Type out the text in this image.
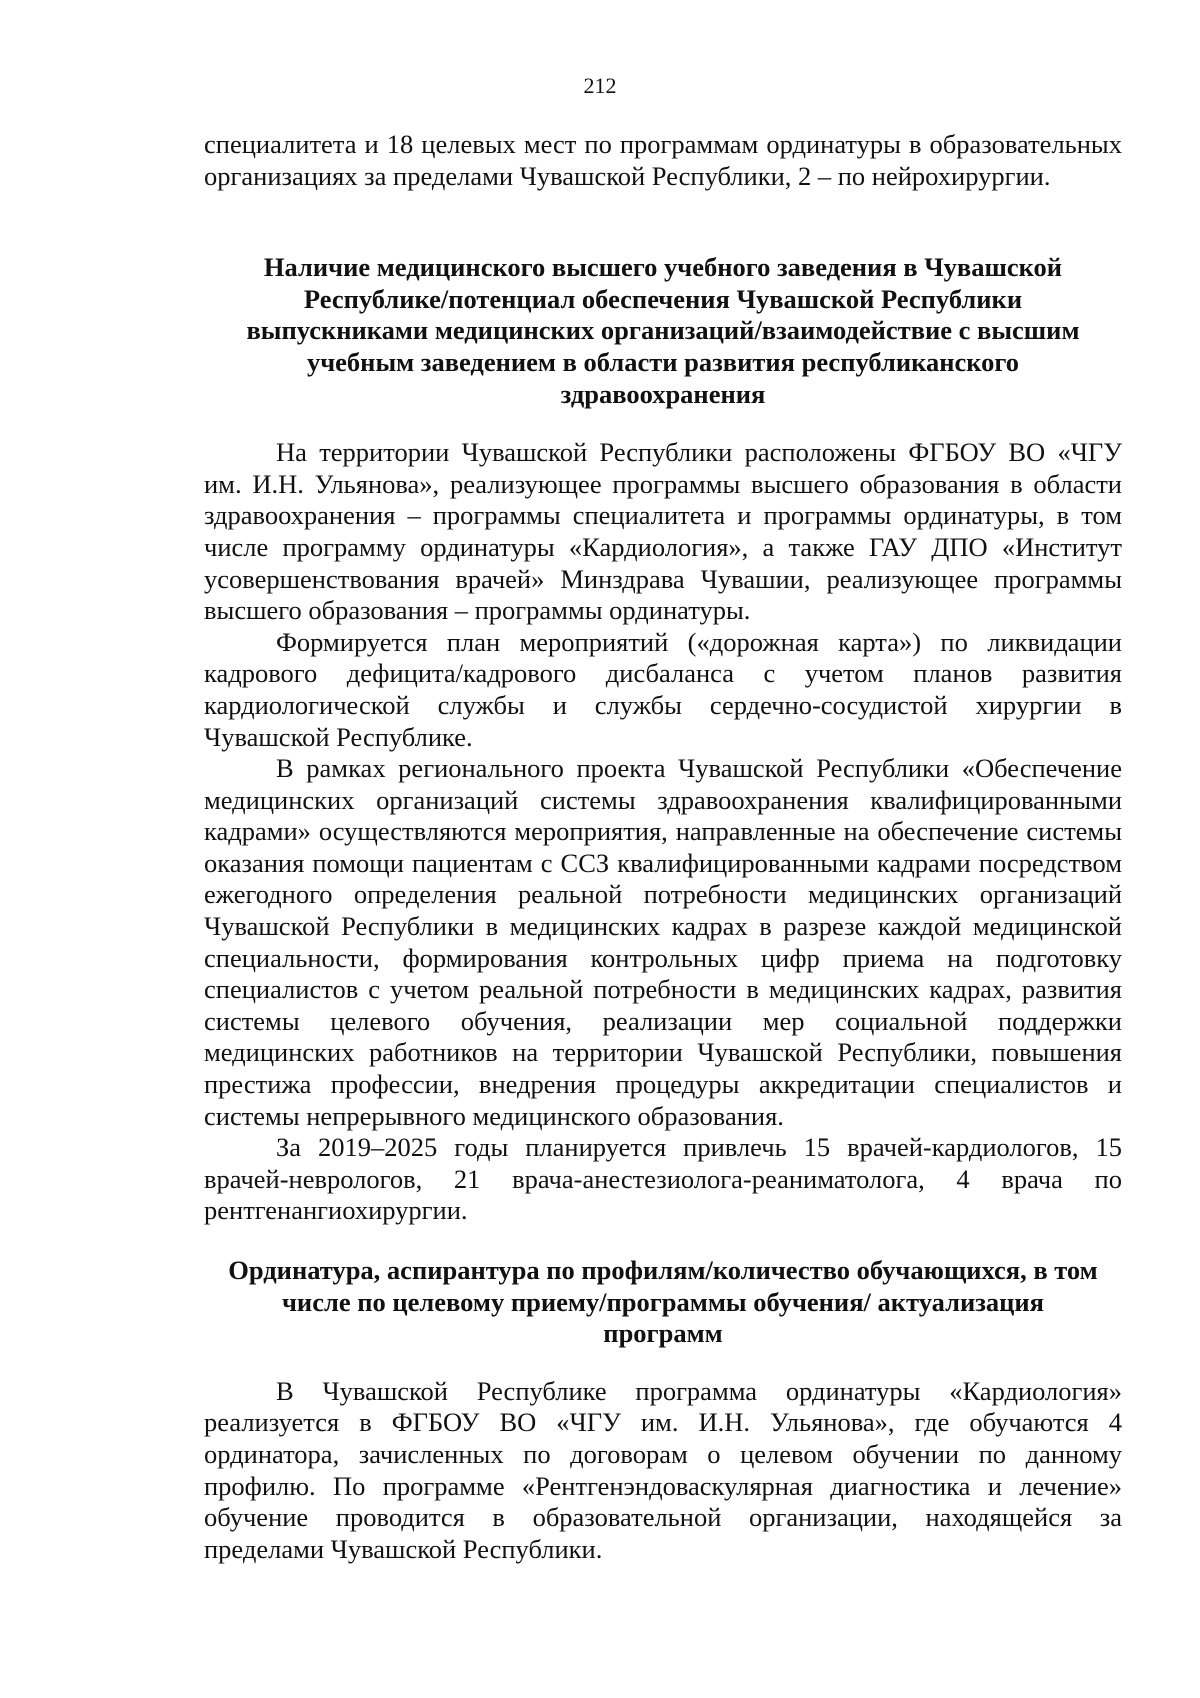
212

специалитета и 18 целевых мест по программам ординатуры в образовательных организациях за пределами Чувашской Республики, 2 – по нейрохирургии.

Наличие медицинского высшего учебного заведения в Чувашской Республике/потенциал обеспечения Чувашской Республики выпускниками медицинских организаций/взаимодействие с высшим учебным заведением в области развития республиканского здравоохранения

На территории Чувашской Республики расположены ФГБОУ ВО «ЧГУ им. И.Н. Ульянова», реализующее программы высшего образования в области здравоохранения – программы специалитета и программы ординатуры, в том числе программу ординатуры «Кардиология», а также ГАУ ДПО «Институт усовершенствования врачей» Минздрава Чувашии, реализующее программы высшего образования – программы ординатуры.

Формируется план мероприятий («дорожная карта») по ликвидации кадрового дефицита/кадрового дисбаланса с учетом планов развития кардиологической службы и службы сердечно-сосудистой хирургии в Чувашской Республике.

В рамках регионального проекта Чувашской Республики «Обеспечение медицинских организаций системы здравоохранения квалифицированными кадрами» осуществляются мероприятия, направленные на обеспечение системы оказания помощи пациентам с ССЗ квалифицированными кадрами посредством ежегодного определения реальной потребности медицинских организаций Чувашской Республики в медицинских кадрах в разрезе каждой медицинской специальности, формирования контрольных цифр приема на подготовку специалистов с учетом реальной потребности в медицинских кадрах, развития системы целевого обучения, реализации мер социальной поддержки медицинских работников на территории Чувашской Республики, повышения престижа профессии, внедрения процедуры аккредитации специалистов и системы непрерывного медицинского образования.

За 2019–2025 годы планируется привлечь 15 врачей-кардиологов, 15 врачей-неврологов, 21 врача-анестезиолога-реаниматолога, 4 врача по рентгенангиохирургии.

Ординатура, аспирантура по профилям/количество обучающихся, в том числе по целевому приему/программы обучения/ актуализация программ

В Чувашской Республике программа ординатуры «Кардиология» реализуется в ФГБОУ ВО «ЧГУ им. И.Н. Ульянова», где обучаются 4 ординатора, зачисленных по договорам о целевом обучении по данному профилю. По программе «Рентгенэндоваскулярная диагностика и лечение» обучение проводится в образовательной организации, находящейся за пределами Чувашской Республики.
